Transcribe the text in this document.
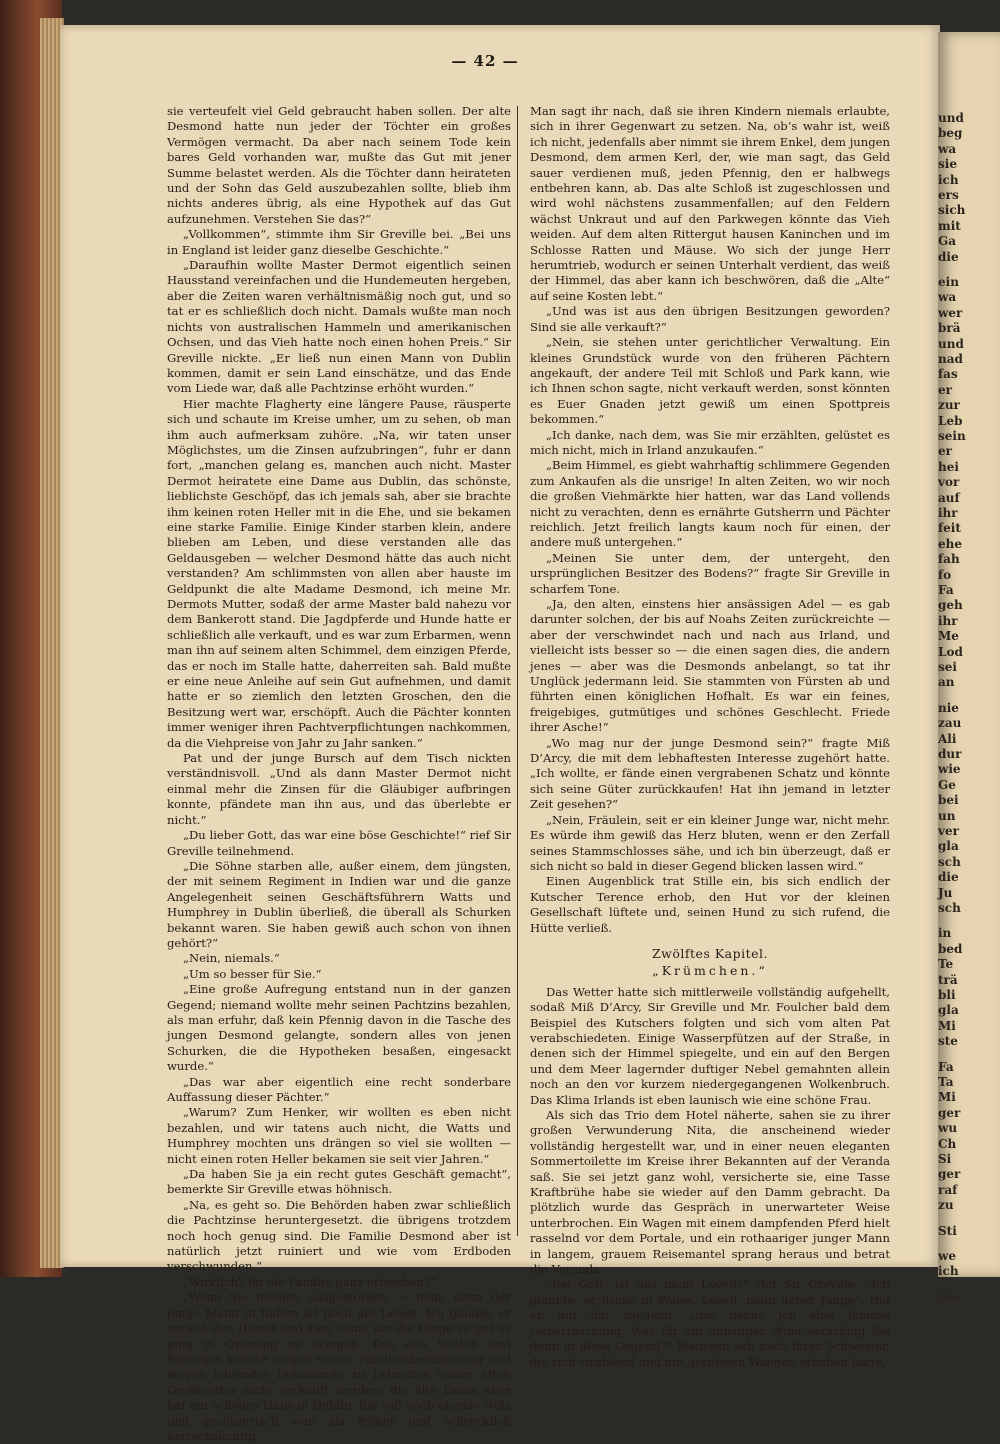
und
beg
wa
sie
ich
ers
sich
mit
Ga
die
ein
wa
wer
brä
und
nad
fas
er
zur
Leb
sein
er
hei
vor
auf
ihr
feit
ehe
fah
fo
Fa
geh
ihr
Me
Lod
sei
an
nie
zau
Ali
dur
wie
Ge
bei
un
ver
gla
sch
die
Ju
sch
in
bed
Te
trä
bli
gla
Mi
ste
Fa
Ta
Mi
ger
wu
Ch
Si
ger
raf
zu
Sti
we
ich
ma
— 42 —

sie verteufelt viel Geld gebraucht haben sollen. Der alte Desmond hatte nun jeder der Töchter ein großes Vermögen vermacht. Da aber nach seinem Tode kein bares Geld vorhanden war, mußte das Gut mit jener Summe belastet werden. Als die Töchter dann heirateten und der Sohn das Geld auszubezahlen sollte, blieb ihm nichts anderes übrig, als eine Hypothek auf das Gut aufzunehmen. Verstehen Sie das?“

„Vollkommen“, stimmte ihm Sir Greville bei. „Bei uns in England ist leider ganz dieselbe Geschichte.“

„Daraufhin wollte Master Dermot eigentlich seinen Hausstand vereinfachen und die Hundemeuten hergeben, aber die Zeiten waren verhältnismäßig noch gut, und so tat er es schließlich doch nicht. Damals wußte man noch nichts von australischen Hammeln und amerikanischen Ochsen, und das Vieh hatte noch einen hohen Preis.“ Sir Greville nickte. „Er ließ nun einen Mann von Dublin kommen, damit er sein Land einschätze, und das Ende vom Liede war, daß alle Pachtzinse erhöht wurden.“

Hier machte Flagherty eine längere Pause, räusperte sich und schaute im Kreise umher, um zu sehen, ob man ihm auch aufmerksam zuhöre. „Na, wir taten unser Möglichstes, um die Zinsen aufzubringen“, fuhr er dann fort, „manchen gelang es, manchen auch nicht. Master Dermot heiratete eine Dame aus Dublin, das schönste, lieblichste Geschöpf, das ich jemals sah, aber sie brachte ihm keinen roten Heller mit in die Ehe, und sie bekamen eine starke Familie. Einige Kinder starben klein, andere blieben am Leben, und diese verstanden alle das Geldausgeben — welcher Desmond hätte das auch nicht verstanden? Am schlimmsten von allen aber hauste im Geldpunkt die alte Madame Desmond, ich meine Mr. Dermots Mutter, sodaß der arme Master bald nahezu vor dem Bankerott stand. Die Jagdpferde und Hunde hatte er schließlich alle verkauft, und es war zum Erbarmen, wenn man ihn auf seinem alten Schimmel, dem einzigen Pferde, das er noch im Stalle hatte, daherreiten sah. Bald mußte er eine neue Anleihe auf sein Gut aufnehmen, und damit hatte er so ziemlich den letzten Groschen, den die Besitzung wert war, erschöpft. Auch die Pächter konnten immer weniger ihren Pachtverpflichtungen nachkommen, da die Viehpreise von Jahr zu Jahr sanken.“

Pat und der junge Bursch auf dem Tisch nickten verständnisvoll. „Und als dann Master Dermot nicht einmal mehr die Zinsen für die Gläubiger aufbringen konnte, pfändete man ihn aus, und das überlebte er nicht.“

„Du lieber Gott, das war eine böse Geschichte!“ rief Sir Greville teilnehmend.

„Die Söhne starben alle, außer einem, dem jüngsten, der mit seinem Regiment in Indien war und die ganze Angelegenheit seinen Geschäftsführern Watts und Humphrey in Dublin überließ, die überall als Schurken bekannt waren. Sie haben gewiß auch schon von ihnen gehört?“

„Nein, niemals.“

„Um so besser für Sie.“

„Eine große Aufregung entstand nun in der ganzen Gegend; niemand wollte mehr seinen Pachtzins bezahlen, als man erfuhr, daß kein Pfennig davon in die Tasche des jungen Desmond gelangte, sondern alles von jenen Schurken, die die Hypotheken besaßen, eingesackt wurde.“

„Das war aber eigentlich eine recht sonderbare Auffassung dieser Pächter.“

„Warum? Zum Henker, wir wollten es eben nicht bezahlen, und wir tatens auch nicht, die Watts und Humphrey mochten uns drängen so viel sie wollten — nicht einen roten Heller bekamen sie seit vier Jahren.“

„Da haben Sie ja ein recht gutes Geschäft gemacht“, bemerkte Sir Greville etwas höhnisch.

„Na, es geht so. Die Behörden haben zwar schließlich die Pachtzinse heruntergesetzt. die übrigens trotzdem noch hoch genug sind. Die Familie Desmond aber ist natürlich jetzt ruiniert und wie vom Erdboden verschwunden.“

„Wirklich? Ist die Familie ganz erloschen?“

„Wenn Sie meinen ausgestorben — nein, denn der junge Mann in Indien ist noch am Leben. Ich glaube, er verließ den Dienst und kam heim, um die Dinge so gut es ging in Ordnung zu bringen. Das alte Schloß und Rittergut konnte wegen seiner Familienbestimmung und wegen fehlender Dokumente zu Lebzeiten seiner alten Großmutter nicht verkauft werden; die alte Dame aber hat ein schönes Haus in Dublin. Sie soll noch ebenso stolz und großtuerisch sein als früher und schrecklich herrschsüchtig.

Man sagt ihr nach, daß sie ihren Kindern niemals erlaubte, sich in ihrer Gegenwart zu setzen. Na, ob’s wahr ist, weiß ich nicht, jedenfalls aber nimmt sie ihrem Enkel, dem jungen Desmond, dem armen Kerl, der, wie man sagt, das Geld sauer verdienen muß, jeden Pfennig, den er halbwegs entbehren kann, ab. Das alte Schloß ist zugeschlossen und wird wohl nächstens zusammenfallen; auf den Feldern wächst Unkraut und auf den Parkwegen könnte das Vieh weiden. Auf dem alten Rittergut hausen Kaninchen und im Schlosse Ratten und Mäuse. Wo sich der junge Herr herumtrieb, wodurch er seinen Unterhalt verdient, das weiß der Himmel, das aber kann ich beschwören, daß die „Alte“ auf seine Kosten lebt.“

„Und was ist aus den übrigen Besitzungen geworden? Sind sie alle verkauft?“

„Nein, sie stehen unter gerichtlicher Verwaltung. Ein kleines Grundstück wurde von den früheren Pächtern angekauft, der andere Teil mit Schloß und Park kann, wie ich Ihnen schon sagte, nicht verkauft werden, sonst könnten es Euer Gnaden jetzt gewiß um einen Spottpreis bekommen.“

„Ich danke, nach dem, was Sie mir erzählten, gelüstet es mich nicht, mich in Irland anzukaufen.“

„Beim Himmel, es giebt wahrhaftig schlimmere Gegenden zum Ankaufen als die unsrige! In alten Zeiten, wo wir noch die großen Viehmärkte hier hatten, war das Land vollends nicht zu verachten, denn es ernährte Gutsherrn und Pächter reichlich. Jetzt freilich langts kaum noch für einen, der andere muß untergehen.“

„Meinen Sie unter dem, der untergeht, den ursprünglichen Besitzer des Bodens?“ fragte Sir Greville in scharfem Tone.

„Ja, den alten, einstens hier ansässigen Adel — es gab darunter solchen, der bis auf Noahs Zeiten zurückreichte — aber der verschwindet nach und nach aus Irland, und vielleicht ists besser so — die einen sagen dies, die andern jenes — aber was die Desmonds anbelangt, so tat ihr Unglück jedermann leid. Sie stammten von Fürsten ab und führten einen königlichen Hofhalt. Es war ein feines, freigebiges, gutmütiges und schönes Geschlecht. Friede ihrer Asche!“

„Wo mag nur der junge Desmond sein?“ fragte Miß D’Arcy, die mit dem lebhaftesten Interesse zugehört hatte. „Ich wollte, er fände einen vergrabenen Schatz und könnte sich seine Güter zurückkaufen! Hat ihn jemand in letzter Zeit gesehen?“

„Nein, Fräulein, seit er ein kleiner Junge war, nicht mehr. Es würde ihm gewiß das Herz bluten, wenn er den Zerfall seines Stammschlosses sähe, und ich bin überzeugt, daß er sich nicht so bald in dieser Gegend blicken lassen wird.“

Einen Augenblick trat Stille ein, bis sich endlich der Kutscher Terence erhob, den Hut vor der kleinen Gesellschaft lüftete und, seinen Hund zu sich rufend, die Hütte verließ.

Zwölftes Kapitel.

„Krümchen.“

Das Wetter hatte sich mittlerweile vollständig aufgehellt, sodaß Miß D’Arcy, Sir Greville und Mr. Foulcher bald dem Beispiel des Kutschers folgten und sich vom alten Pat verabschiedeten. Einige Wasserpfützen auf der Straße, in denen sich der Himmel spiegelte, und ein auf den Bergen und dem Meer lagernder duftiger Nebel gemahnten allein noch an den vor kurzem niedergegangenen Wolkenbruch. Das Klima Irlands ist eben launisch wie eine schöne Frau.

Als sich das Trio dem Hotel näherte, sahen sie zu ihrer großen Verwunderung Nita, die anscheinend wieder vollständig hergestellt war, und in einer neuen eleganten Sommertoilette im Kreise ihrer Bekannten auf der Veranda saß. Sie sei jetzt ganz wohl, versicherte sie, eine Tasse Kraftbrühe habe sie wieder auf den Damm gebracht. Da plötzlich wurde das Gespräch in unerwarteter Weise unterbrochen. Ein Wagen mit einem dampfenden Pferd hielt rasselnd vor dem Portale, und ein rothaariger junger Mann in langem, grauem Reisemantel sprang heraus und betrat die Veranda.

„Bei Gott, ist das nicht Lovell?“ rief Sir Greville. „Ich glaubte, er fische in Wales. Lovell, mein lieber Junge“, rief er, auf ihn zueilend, „das nenne ich eine famose Ueberraschung. Was für ein günstiger Wind verschlug Sie denn in diese Gegend?“ Maureen sah nach ihrer Schwester, die sich strahlend und mit geröteten Wangen erhoben hatte,
